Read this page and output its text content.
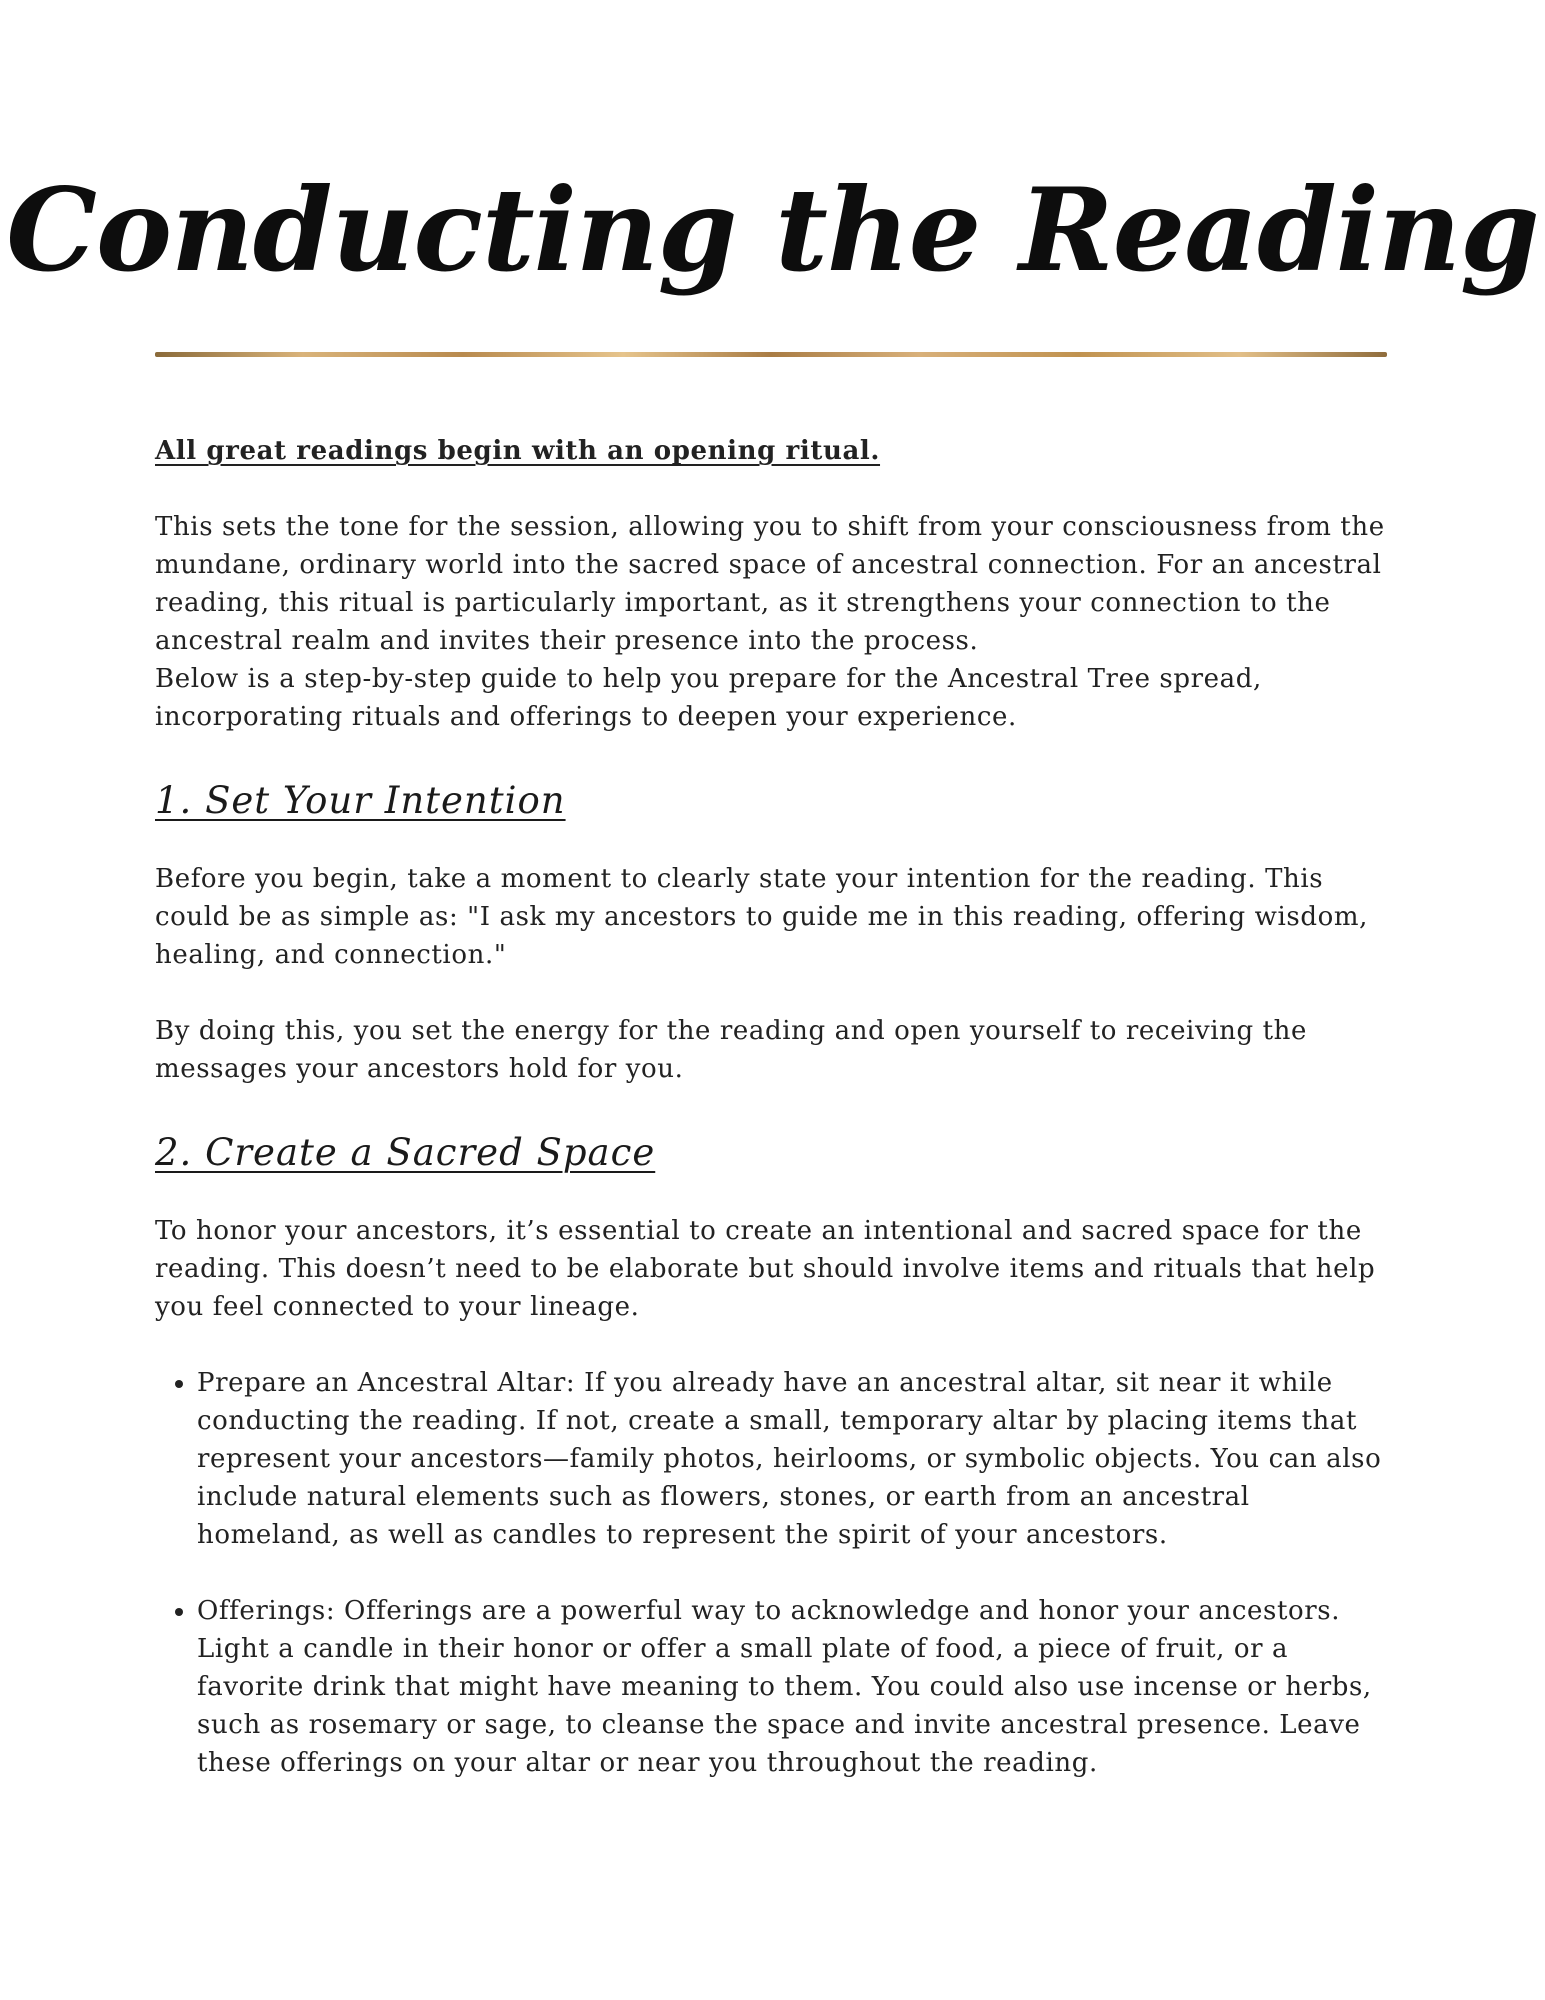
Conducting the Reading

All great readings begin with an opening ritual.

This sets the tone for the session, allowing you to shift from your consciousness from the mundane, ordinary world into the sacred space of ancestral connection. For an ancestral reading, this ritual is particularly important, as it strengthens your connection to the ancestral realm and invites their presence into the process.

Below is a step-by-step guide to help you prepare for the Ancestral Tree spread, incorporating rituals and offerings to deepen your experience.

1. Set Your Intention

Before you begin, take a moment to clearly state your intention for the reading. This could be as simple as: "I ask my ancestors to guide me in this reading, offering wisdom, healing, and connection."

By doing this, you set the energy for the reading and open yourself to receiving the messages your ancestors hold for you.

2. Create a Sacred Space

To honor your ancestors, it’s essential to create an intentional and sacred space for the reading. This doesn’t need to be elaborate but should involve items and rituals that help you feel connected to your lineage.

• Prepare an Ancestral Altar: If you already have an ancestral altar, sit near it while conducting the reading. If not, create a small, temporary altar by placing items that represent your ancestors—family photos, heirlooms, or symbolic objects. You can also include natural elements such as flowers, stones, or earth from an ancestral homeland, as well as candles to represent the spirit of your ancestors.
• Offerings: Offerings are a powerful way to acknowledge and honor your ancestors. Light a candle in their honor or offer a small plate of food, a piece of fruit, or a favorite drink that might have meaning to them. You could also use incense or herbs, such as rosemary or sage, to cleanse the space and invite ancestral presence. Leave these offerings on your altar or near you throughout the reading.
